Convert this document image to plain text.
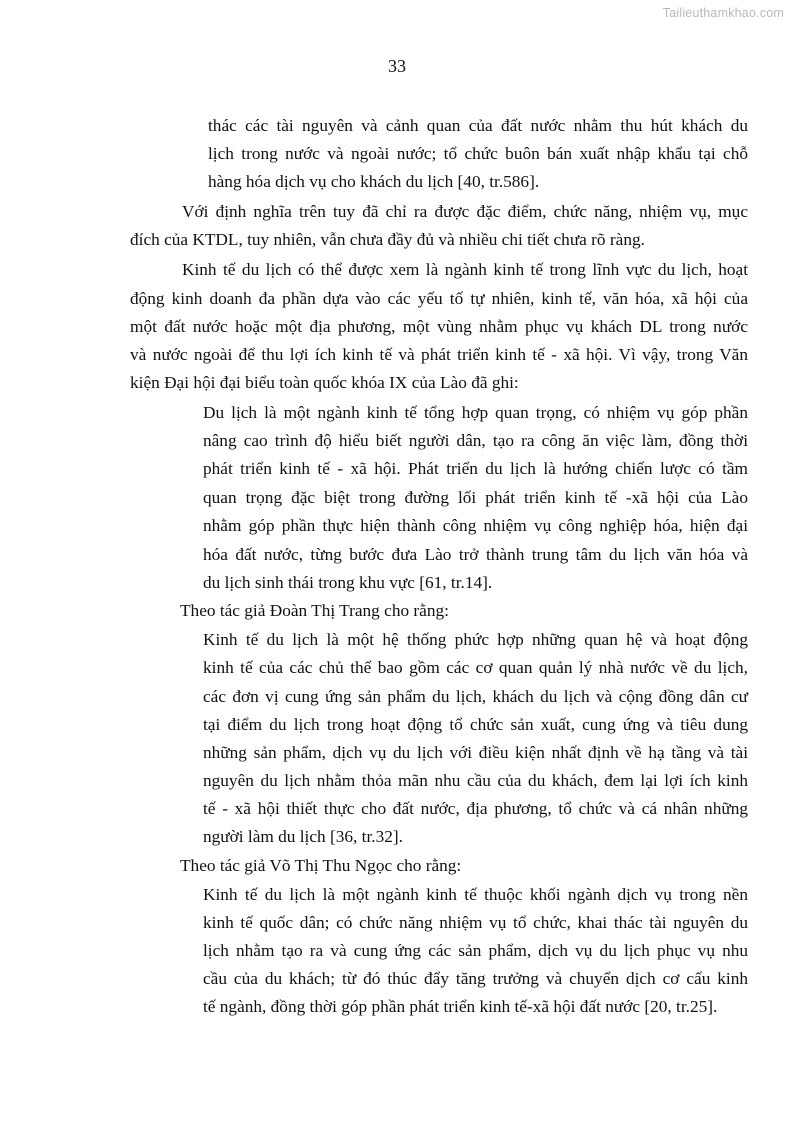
Tailieuthamkhao.com
33
thác các tài nguyên và cảnh quan của đất nước nhằm thu hút khách du
lịch trong nước và ngoài nước; tổ chức buôn bán xuất nhập khẩu tại chỗ
hàng hóa dịch vụ cho khách du lịch [40, tr.586].
Với định nghĩa trên tuy đã chỉ ra được đặc điểm, chức năng, nhiệm vụ, mục
đích của KTDL, tuy nhiên, vẫn chưa đầy đủ và nhiều chi tiết chưa rõ ràng.
Kinh tế du lịch có thể được xem là ngành kinh tế trong lĩnh vực du lịch, hoạt
động kinh doanh đa phần dựa vào các yếu tố tự nhiên, kinh tế, văn hóa, xã hội của
một đất nước hoặc một địa phương, một vùng nhằm phục vụ khách DL trong nước
và nước ngoài để thu lợi ích kinh tế và phát triển kinh tế - xã hội. Vì vậy, trong Văn
kiện Đại hội đại biểu toàn quốc khóa IX của Lào đã ghi:
Du lịch là một ngành kinh tế tổng hợp quan trọng, có nhiệm vụ góp phần
nâng cao trình độ hiểu biết người dân, tạo ra công ăn việc làm, đồng thời
phát triển kinh tế - xã hội. Phát triển du lịch là hướng chiến lược có tầm
quan trọng đặc biệt trong đường lối phát triển kinh tế -xã hội của Lào
nhằm góp phần thực hiện thành công nhiệm vụ công nghiệp hóa, hiện đại
hóa đất nước, từng bước đưa Lào trở thành trung tâm du lịch văn hóa và
du lịch sinh thái trong khu vực [61, tr.14].
Theo tác giả Đoàn Thị Trang cho rằng:
Kinh tế du lịch là một hệ thống phức hợp những quan hệ và hoạt động
kinh tế của các chủ thể bao gồm các cơ quan quản lý nhà nước về du lịch,
các đơn vị cung ứng sản phẩm du lịch, khách du lịch và cộng đồng dân cư
tại điểm du lịch trong hoạt động tổ chức sản xuất, cung ứng và tiêu dung
những sản phẩm, dịch vụ du lịch với điều kiện nhất định về hạ tầng và tài
nguyên du lịch nhằm thỏa mãn nhu cầu của du khách, đem lại lợi ích kinh
tế - xã hội thiết thực cho đất nước, địa phương, tổ chức và cá nhân những
người làm du lịch [36, tr.32].
Theo tác giả Võ Thị Thu Ngọc cho rằng:
Kinh tế du lịch là một ngành kinh tế thuộc khối ngành dịch vụ trong nền
kinh tế quốc dân; có chức năng nhiệm vụ tổ chức, khai thác tài nguyên du
lịch nhằm tạo ra và cung ứng các sản phẩm, dịch vụ du lịch phục vụ nhu
cầu của du khách; từ đó thúc đẩy tăng trưởng và chuyển dịch cơ cấu kinh
tế ngành, đồng thời góp phần phát triển kinh tế-xã hội đất nước [20, tr.25].
